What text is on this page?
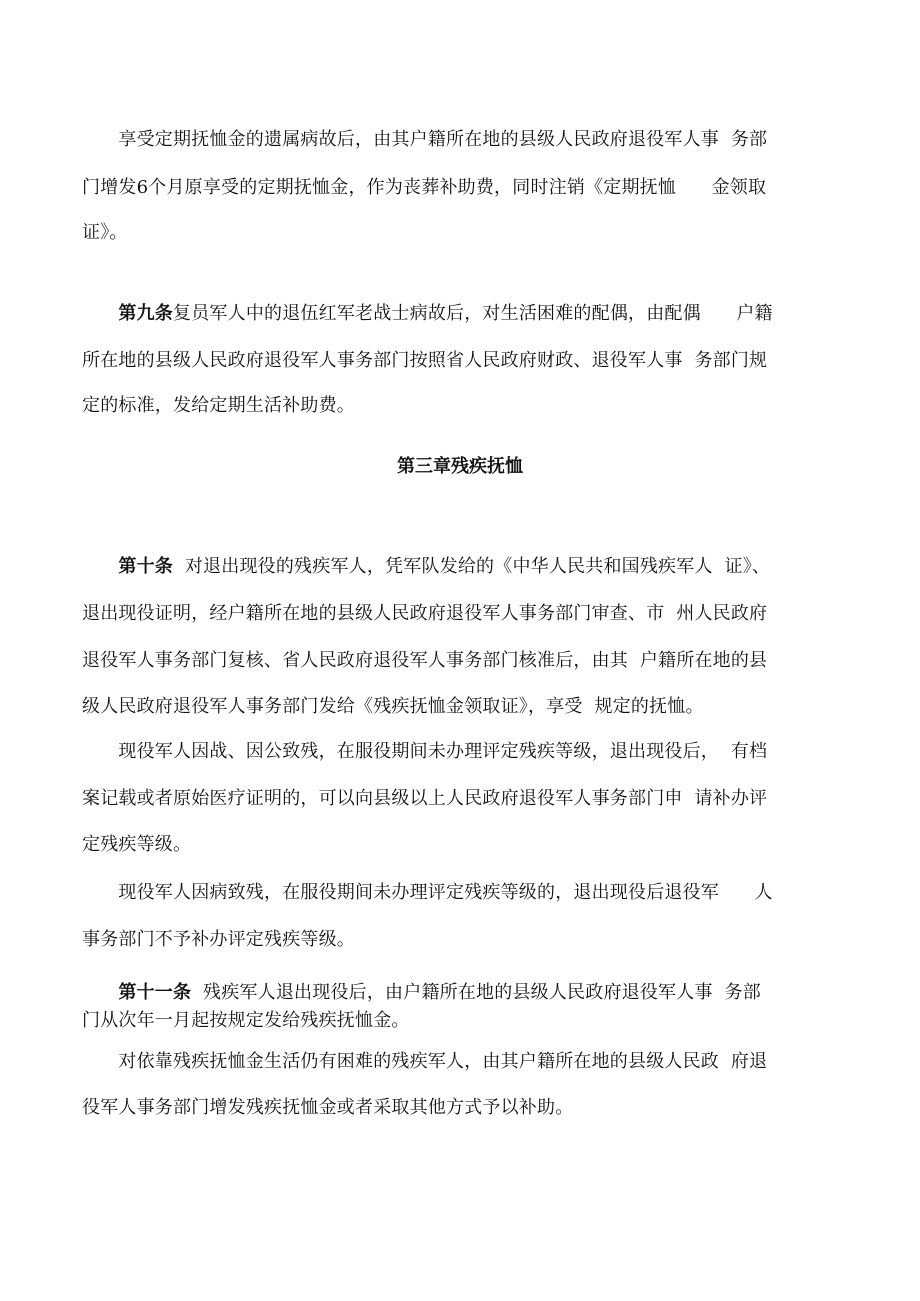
　　享受定期抚恤金的遗属病故后，由其户籍所在地的县级人民政府退役军人事  务部
门增发6个月原享受的定期抚恤金，作为丧葬补助费，同时注销《定期抚恤      金领取
证》。
　　第九条复员军人中的退伍红军老战士病故后，对生活困难的配偶，由配偶      户籍
所在地的县级人民政府退役军人事务部门按照省人民政府财政、退役军人事  务部门规
定的标准，发给定期生活补助费。
第三章残疾抚恤
　　第十条  对退出现役的残疾军人，凭军队发给的《中华人民共和国残疾军人  证》、
退出现役证明，经户籍所在地的县级人民政府退役军人事务部门审查、市  州人民政府
退役军人事务部门复核、省人民政府退役军人事务部门核准后，由其  户籍所在地的县
级人民政府退役军人事务部门发给《残疾抚恤金领取证》，享受  规定的抚恤。
　　现役军人因战、因公致残，在服役期间未办理评定残疾等级，退出现役后，  有档
案记载或者原始医疗证明的，可以向县级以上人民政府退役军人事务部门申  请补办评
定残疾等级。
　　现役军人因病致残，在服役期间未办理评定残疾等级的，退出现役后退役军      人
事务部门不予补办评定残疾等级。
　　第十一条  残疾军人退出现役后，由户籍所在地的县级人民政府退役军人事  务部
门从次年一月起按规定发给残疾抚恤金。
　　对依靠残疾抚恤金生活仍有困难的残疾军人，由其户籍所在地的县级人民政  府退
役军人事务部门增发残疾抚恤金或者采取其他方式予以补助。
